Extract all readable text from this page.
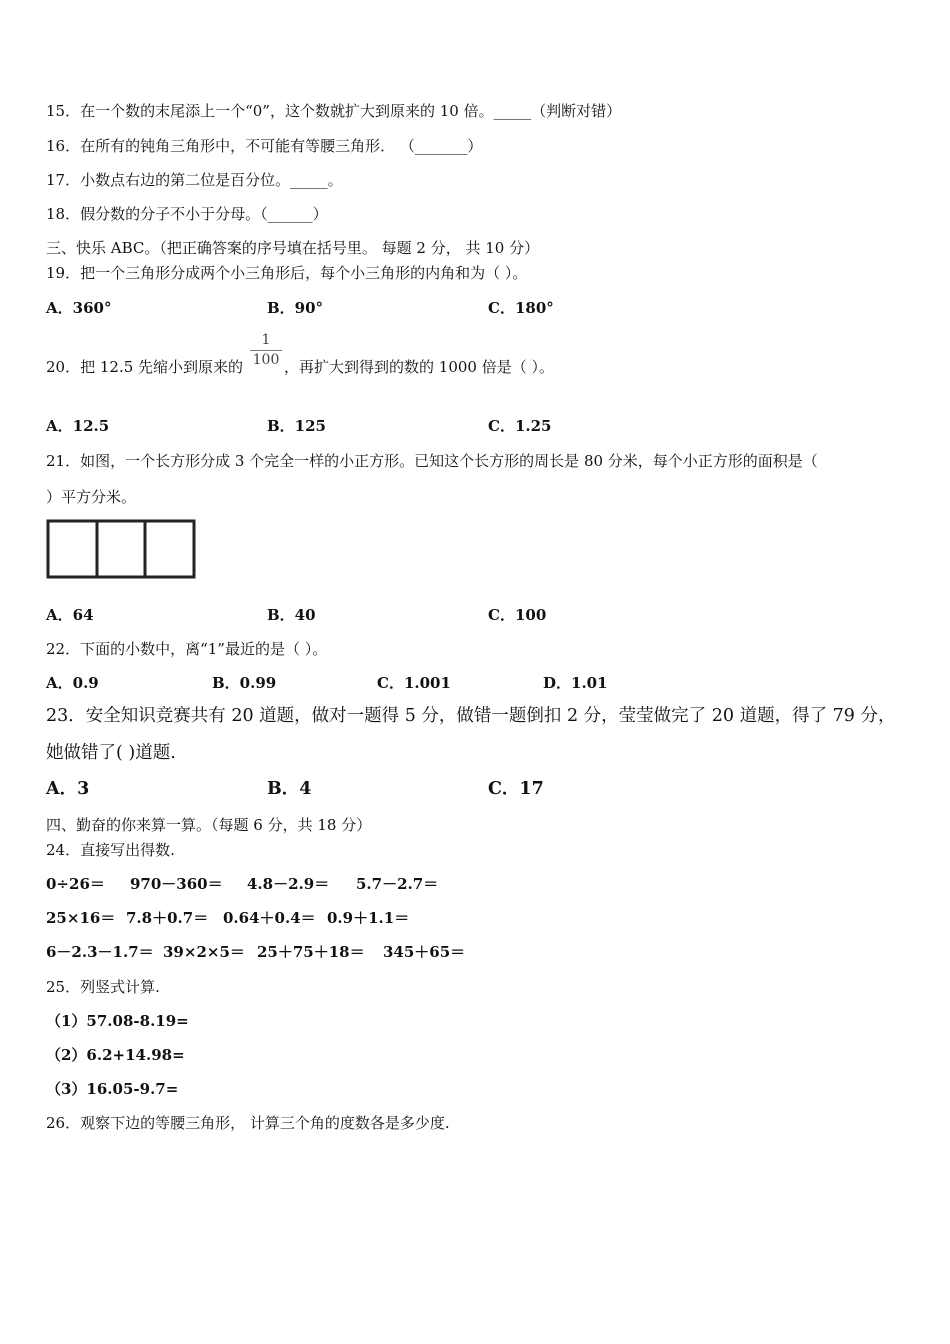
15．在一个数的末尾添上一个“0”，这个数就扩大到原来的 10 倍。_____（判断对错）
16．在所有的钝角三角形中，不可能有等腰三角形． （_______）
17．小数点右边的第二位是百分位。_____。
18．假分数的分子不小于分母。（______）
三、快乐 ABC。（把正确答案的序号填在括号里。 每题 2 分， 共 10 分）
19．把一个三角形分成两个小三角形后，每个小三角形的内角和为（ ）。
A．360°	B．90°	C．180°
20．把 12.5 先缩小到原来的
1
100 ，再扩大到得到的数的 1000 倍是（ ）。
A．12.5	B．125	C．1.25
21．如图，一个长方形分成 3 个完全一样的小正方形。已知这个长方形的周长是 80 分米，每个小正方形的面积是（
）平方分米。
A．64	B．40	C．100
22．下面的小数中，离“1”最近的是（ ）。
A．0.9	B．0.99	C．1.001	D．1.01
23．安全知识竞赛共有 20 道题，做对一题得 5 分，做错一题倒扣 2 分，莹莹做完了 20 道题，得了 79 分，
她做错了( )道题.
A．3	B．4	C．17
四、勤奋的你来算一算。（每题 6 分，共 18 分）
24．直接写出得数.
0÷26＝ 970－360＝ 4.8－2.9＝ 5.7－2.7＝
25×16＝ 7.8＋0.7＝ 0.64＋0.4＝ 0.9＋1.1＝
6－2.3－1.7＝ 39×2×5＝ 25＋75＋18＝ 345＋65＝
25．列竖式计算.
（1）57.08-8.19=
（2）6.2+14.98=
（3）16.05-9.7=
26．观察下边的等腰三角形， 计算三个角的度数各是多少度.
